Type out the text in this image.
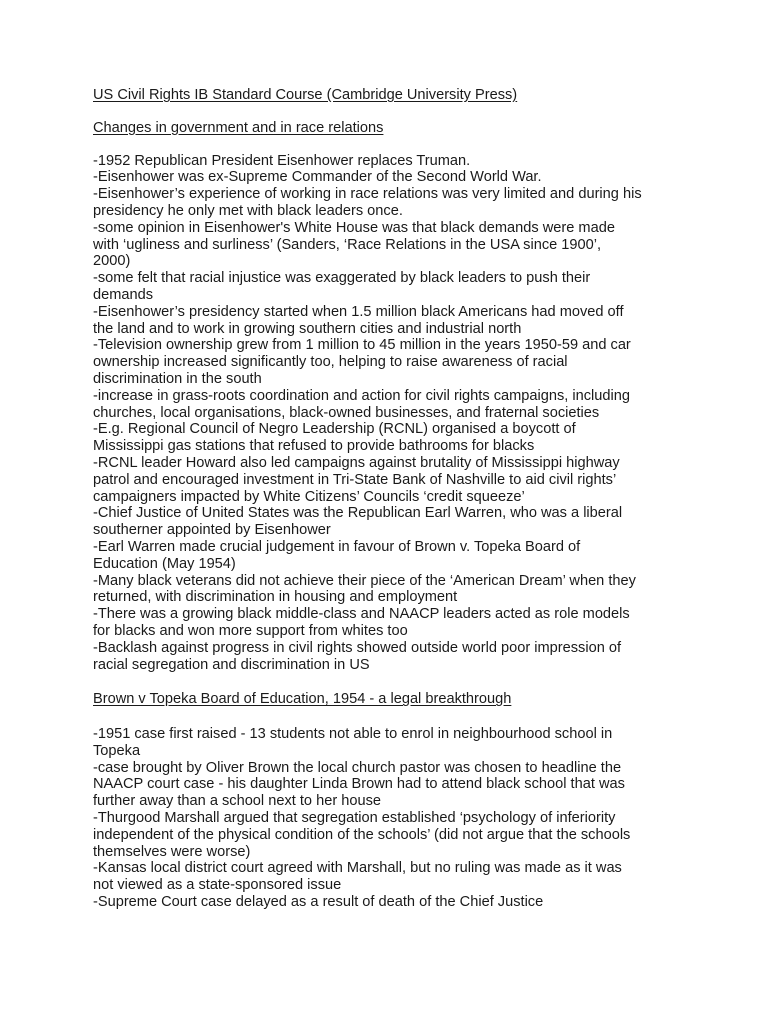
US Civil Rights IB Standard Course (Cambridge University Press)

Changes in government and in race relations

-1952 Republican President Eisenhower replaces Truman.

-Eisenhower was ex-Supreme Commander of the Second World War.

-Eisenhower’s experience of working in race relations was very limited and during his

presidency he only met with black leaders once.

-some opinion in Eisenhower's White House was that black demands were made

with ‘ugliness and surliness’ (Sanders, ‘Race Relations in the USA since 1900’,

2000)

-some felt that racial injustice was exaggerated by black leaders to push their

demands

-Eisenhower’s presidency started when 1.5 million black Americans had moved off

the land and to work in growing southern cities and industrial north

-Television ownership grew from 1 million to 45 million in the years 1950-59 and car

ownership increased significantly too, helping to raise awareness of racial

discrimination in the south

-increase in grass-roots coordination and action for civil rights campaigns, including

churches, local organisations, black-owned businesses, and fraternal societies

-E.g. Regional Council of Negro Leadership (RCNL) organised a boycott of

Mississippi gas stations that refused to provide bathrooms for blacks

-RCNL leader Howard also led campaigns against brutality of Mississippi highway

patrol and encouraged investment in Tri-State Bank of Nashville to aid civil rights’

campaigners impacted by White Citizens’ Councils ‘credit squeeze’

-Chief Justice of United States was the Republican Earl Warren, who was a liberal

southerner appointed by Eisenhower

-Earl Warren made crucial judgement in favour of Brown v. Topeka Board of

Education (May 1954)

-Many black veterans did not achieve their piece of the ‘American Dream’ when they

returned, with discrimination in housing and employment

-There was a growing black middle-class and NAACP leaders acted as role models

for blacks and won more support from whites too

-Backlash against progress in civil rights showed outside world poor impression of

racial segregation and discrimination in US

Brown v Topeka Board of Education, 1954 - a legal breakthrough

-1951 case first raised - 13 students not able to enrol in neighbourhood school in

Topeka

-case brought by Oliver Brown the local church pastor was chosen to headline the

NAACP court case - his daughter Linda Brown had to attend black school that was

further away than a school next to her house

-Thurgood Marshall argued that segregation established ‘psychology of inferiority

independent of the physical condition of the schools’ (did not argue that the schools

themselves were worse)

-Kansas local district court agreed with Marshall, but no ruling was made as it was

not viewed as a state-sponsored issue

-Supreme Court case delayed as a result of death of the Chief Justice
